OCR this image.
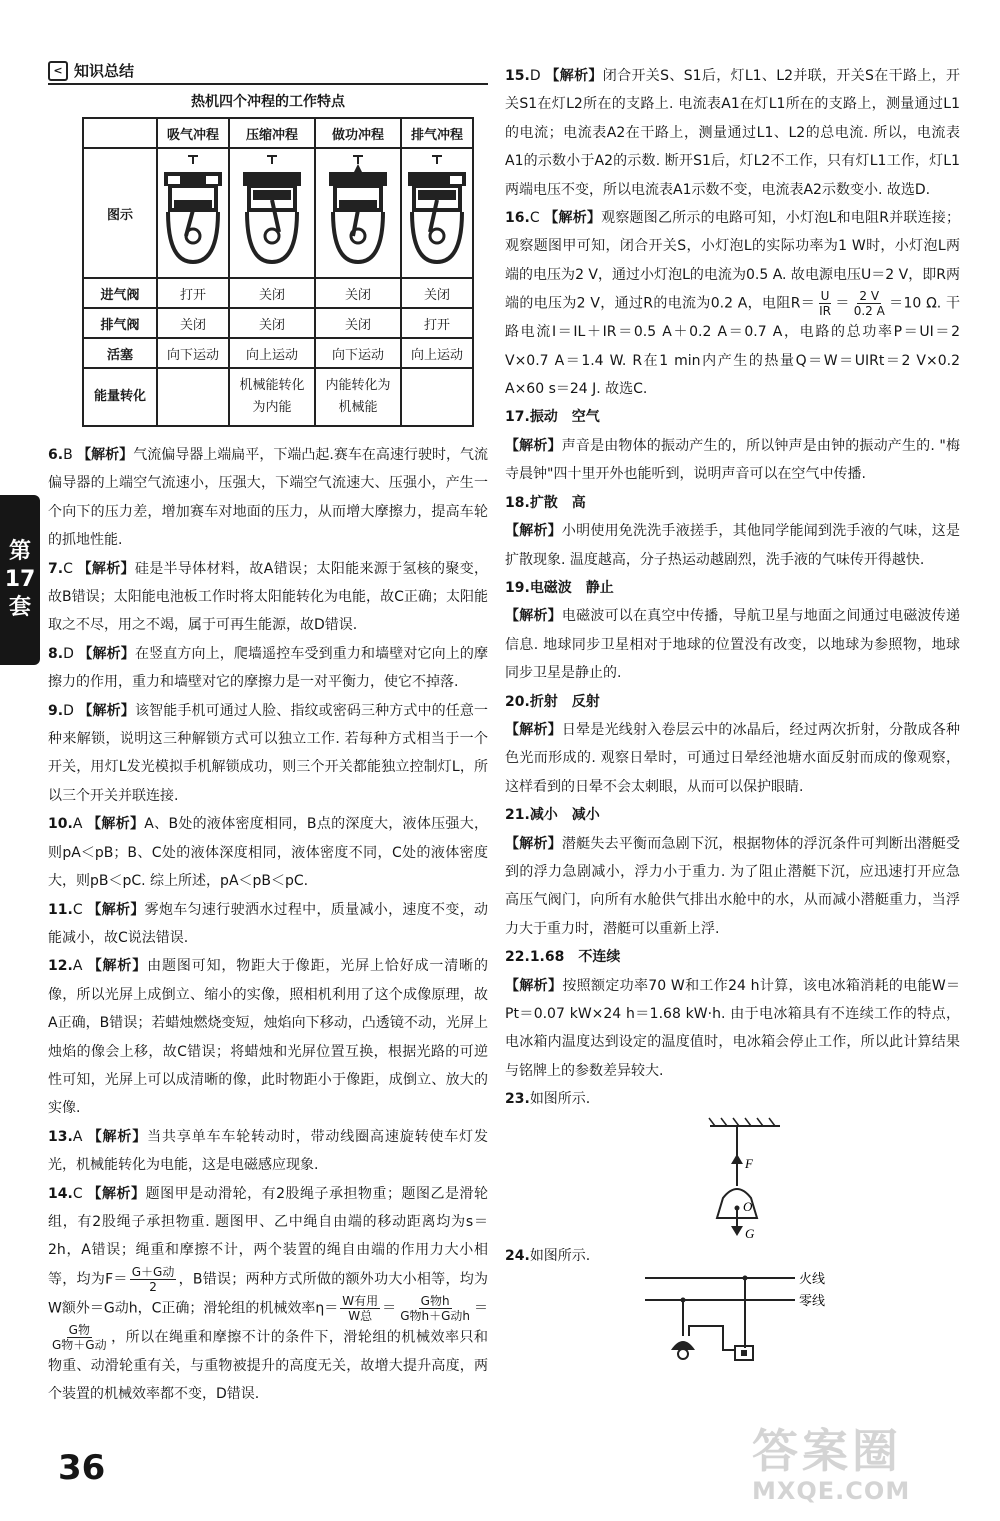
第
17
套
< 知识总结
热机四个冲程的工作特点
	吸气冲程	压缩冲程	做功冲程	排气冲程
图示				
进气阀	打开	关闭	关闭	关闭
排气阀	关闭	关闭	关闭	打开
活塞	向下运动	向上运动	向下运动	向上运动
能量转化		机械能转化为内能	内能转化为机械能	

6.B 【解析】气流偏导器上端扁平，下端凸起.赛车在高速行驶时，气流偏导器的上端空气流速小，压强大，下端空气流速大、压强小，产生一个向下的压力差，增加赛车对地面的压力，从而增大摩擦力，提高车轮的抓地性能.

7.C 【解析】硅是半导体材料，故A错误；太阳能来源于氢核的聚变，故B错误；太阳能电池板工作时将太阳能转化为电能，故C正确；太阳能取之不尽，用之不竭，属于可再生能源，故D错误.

8.D 【解析】在竖直方向上，爬墙遥控车受到重力和墙壁对它向上的摩擦力的作用，重力和墙壁对它的摩擦力是一对平衡力，使它不掉落.

9.D 【解析】该智能手机可通过人脸、指纹或密码三种方式中的任意一种来解锁，说明这三种解锁方式可以独立工作. 若每种方式相当于一个开关，用灯L发光模拟手机解锁成功，则三个开关都能独立控制灯L，所以三个开关并联连接.

10.A 【解析】A、B处的液体密度相同，B点的深度大，液体压强大，则pA＜pB；B、C处的液体深度相同，液体密度不同，C处的液体密度大，则pB＜pC. 综上所述，pA＜pB＜pC.

11.C 【解析】雾炮车匀速行驶洒水过程中，质量减小，速度不变，动能减小，故C说法错误.

12.A 【解析】由题图可知，物距大于像距，光屏上恰好成一清晰的像，所以光屏上成倒立、缩小的实像，照相机利用了这个成像原理，故A正确，B错误；若蜡烛燃烧变短，烛焰向下移动，凸透镜不动，光屏上烛焰的像会上移，故C错误；将蜡烛和光屏位置互换，根据光路的可逆性可知，光屏上可以成清晰的像，此时物距小于像距，成倒立、放大的实像.

13.A 【解析】当共享单车车轮转动时，带动线圈高速旋转使车灯发光，机械能转化为电能，这是电磁感应现象.

14.C 【解析】题图甲是动滑轮，有2股绳子承担物重；题图乙是滑轮组，有2股绳子承担物重. 题图甲、乙中绳自由端的移动距离均为s＝2h，A错误；绳重和摩擦不计，两个装置的绳自由端的作用力大小相等，均为$F= \frac{\text{G＋G动}}{2}$ ，B错误；两种方式所做的额外功大小相等，均为W额外＝G动h，C正确；滑轮组的机械效率$\eta= \frac{\text{W有用}}{\text{W总}} = \frac{\text{G物h}}{\text{G物h＋G动h}}$ ＝
$\frac{\text{G物}}{\text{G物＋G动}}$ ，所以在绳重和摩擦不计的条件下，滑轮组的机械效率只和物重、动滑轮重有关，与重物被提升的高度无关，故增大提升高度，两个装置的机械效率都不变，D错误.

15.D 【解析】闭合开关S、S1后，灯L1、L2并联，开关S在干路上，开关S1在灯L2所在的支路上. 电流表A1在灯L1所在的支路上，测量通过L1的电流；电流表A2在干路上，测量通过L1、L2的总电流. 所以，电流表A1的示数小于A2的示数. 断开S1后，灯L2不工作，只有灯L1工作，灯L1两端电压不变，所以电流表A1示数不变，电流表A2示数变小. 故选D.

16.C 【解析】观察题图乙所示的电路可知，小灯泡L和电阻R并联连接；观察题图甲可知，闭合开关S，小灯泡L的实际功率为1 W时，小灯泡L两端的电压为2 V，通过小灯泡L的电流为0.5 A. 故电源电压U＝2 V，即R两端的电压为2 V，通过R的电流为0.2 A，电阻$R= \frac{U}{IR} = \frac{2 V}{0.2 A} =10$ Ω. 干路电流I＝IL＋IR＝0.5 A＋0.2 A＝0.7 A，电路的总功率P＝UI＝2 V×0.7 A＝1.4 W. R在1 min内产生的热量Q＝W＝UIRt＝2 V×0.2 A×60 s＝24 J. 故选C.

17.振动　空气

【解析】声音是由物体的振动产生的，所以钟声是由钟的振动产生的. "梅寺晨钟"四十里开外也能听到，说明声音可以在空气中传播.

18.扩散　高

【解析】小明使用免洗洗手液搓手，其他同学能闻到洗手液的气味，这是扩散现象. 温度越高，分子热运动越剧烈，洗手液的气味传开得越快.

19.电磁波　静止

【解析】电磁波可以在真空中传播，导航卫星与地面之间通过电磁波传递信息. 地球同步卫星相对于地球的位置没有改变，以地球为参照物，地球同步卫星是静止的.

20.折射　反射

【解析】日晕是光线射入卷层云中的冰晶后，经过两次折射，分散成各种色光而形成的. 观察日晕时，可通过日晕经池塘水面反射而成的像观察，这样看到的日晕不会太刺眼，从而可以保护眼睛.

21.减小　减小

【解析】潜艇失去平衡而急剧下沉，根据物体的浮沉条件可判断出潜艇受到的浮力急剧减小，浮力小于重力. 为了阻止潜艇下沉，应迅速打开应急高压气阀门，向所有水舱供气排出水舱中的水，从而减小潜艇重力，当浮力大于重力时，潜艇可以重新上浮.

22.1.68　不连续

【解析】按照额定功率70 W和工作24 h计算，该电冰箱消耗的电能W＝Pt＝0.07 kW×24 h＝1.68 kW·h. 由于电冰箱具有不连续工作的特点，电冰箱内温度达到设定的温度值时，电冰箱会停止工作，所以此计算结果与铭牌上的参数差异较大.

23.如图所示.

F
O
G

24.如图所示.

火线
零线
36	答案圈
MXQE.COM
